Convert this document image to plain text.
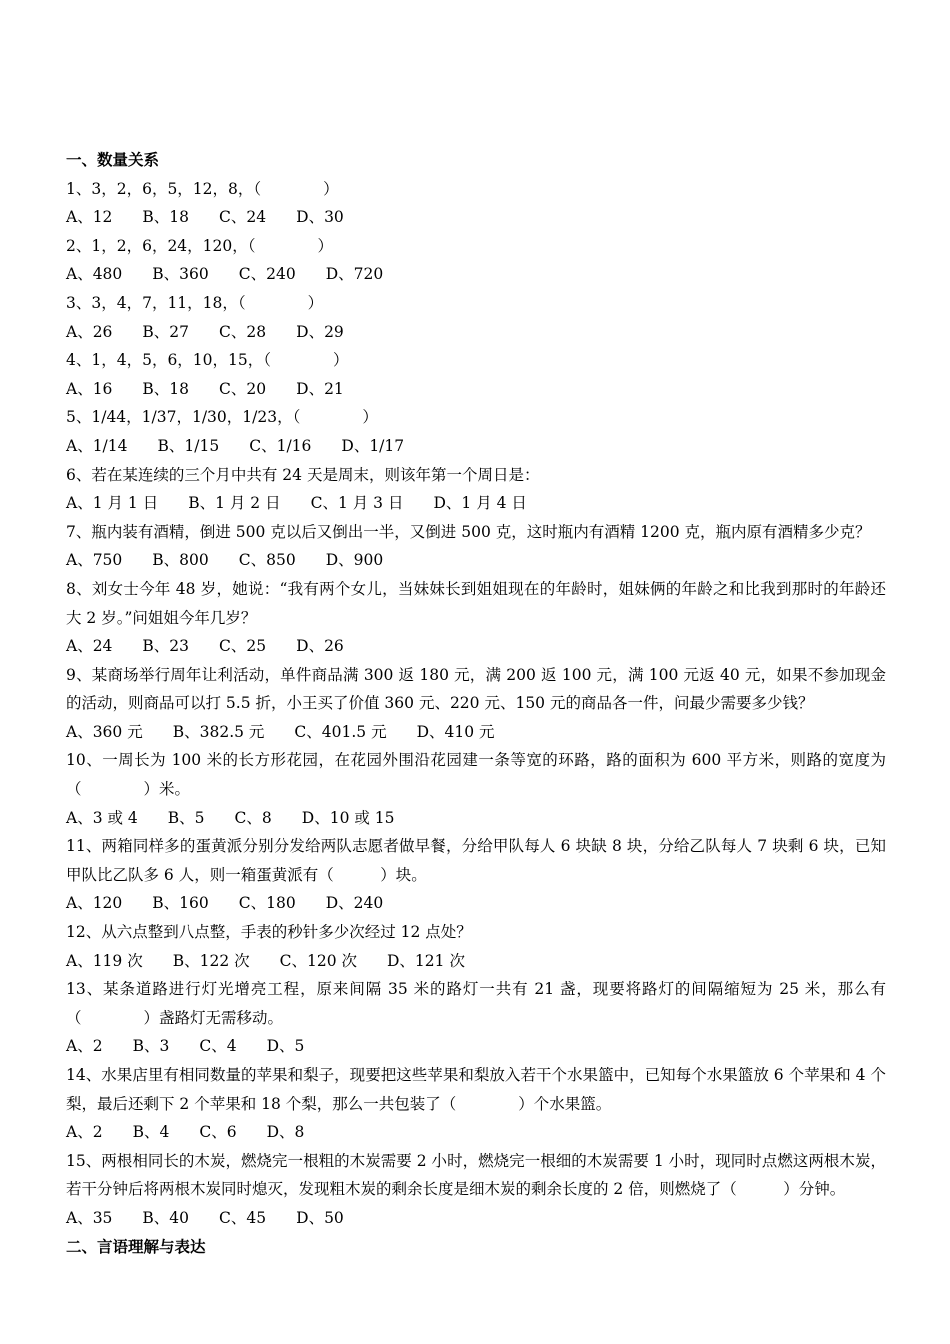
一、数量关系
1、3，2，6，5，12，8，（　　　　）
A、12 B、18 C、24 D、30
2、1，2，6，24，120，（　　　　）
A、480 B、360 C、240 D、720
3、3，4，7，11，18，（　　　　）
A、26 B、27 C、28 D、29
4、1，4，5，6，10，15，（　　　　）
A、16 B、18 C、20 D、21
5、1/44，1/37，1/30，1/23，（　　　　）
A、1/14 B、1/15 C、1/16 D、1/17
6、若在某连续的三个月中共有 24 天是周末，则该年第一个周日是：
A、1 月 1 日 B、1 月 2 日 C、1 月 3 日 D、1 月 4 日
7、瓶内装有酒精，倒进 500 克以后又倒出一半，又倒进 500 克，这时瓶内有酒精 1200 克，瓶内原有酒精多少克？
A、750 B、800 C、850 D、900
8、刘女士今年 48 岁，她说：“我有两个女儿，当妹妹长到姐姐现在的年龄时，姐妹俩的年龄之和比我到那时的年龄还大 2 岁。”问姐姐今年几岁？
A、24 B、23 C、25 D、26
9、某商场举行周年让利活动，单件商品满 300 返 180 元，满 200 返 100 元，满 100 元返 40 元，如果不参加现金的活动，则商品可以打 5.5 折，小王买了价值 360 元、220 元、150 元的商品各一件，问最少需要多少钱？
A、360 元 B、382.5 元 C、401.5 元 D、410 元
10、一周长为 100 米的长方形花园，在花园外围沿花园建一条等宽的环路，路的面积为 600 平方米，则路的宽度为（　　　　）米。
A、3 或 4 B、5 C、8 D、10 或 15
11、两箱同样多的蛋黄派分别分发给两队志愿者做早餐，分给甲队每人 6 块缺 8 块，分给乙队每人 7 块剩 6 块，已知甲队比乙队多 6 人，则一箱蛋黄派有（　　　）块。
A、120 B、160 C、180 D、240
12、从六点整到八点整，手表的秒针多少次经过 12 点处？
A、119 次 B、122 次 C、120 次 D、121 次
13、某条道路进行灯光增亮工程，原来间隔 35 米的路灯一共有 21 盏，现要将路灯的间隔缩短为 25 米，那么有（　　　　）盏路灯无需移动。
A、2 B、3 C、4 D、5
14、水果店里有相同数量的苹果和梨子，现要把这些苹果和梨放入若干个水果篮中，已知每个水果篮放 6 个苹果和 4 个梨，最后还剩下 2 个苹果和 18 个梨，那么一共包装了（　　　　）个水果篮。
A、2 B、4 C、6 D、8
15、两根相同长的木炭，燃烧完一根粗的木炭需要 2 小时，燃烧完一根细的木炭需要 1 小时，现同时点燃这两根木炭，若干分钟后将两根木炭同时熄灭，发现粗木炭的剩余长度是细木炭的剩余长度的 2 倍，则燃烧了（　　　）分钟。
A、35 B、40 C、45 D、50
二、言语理解与表达
